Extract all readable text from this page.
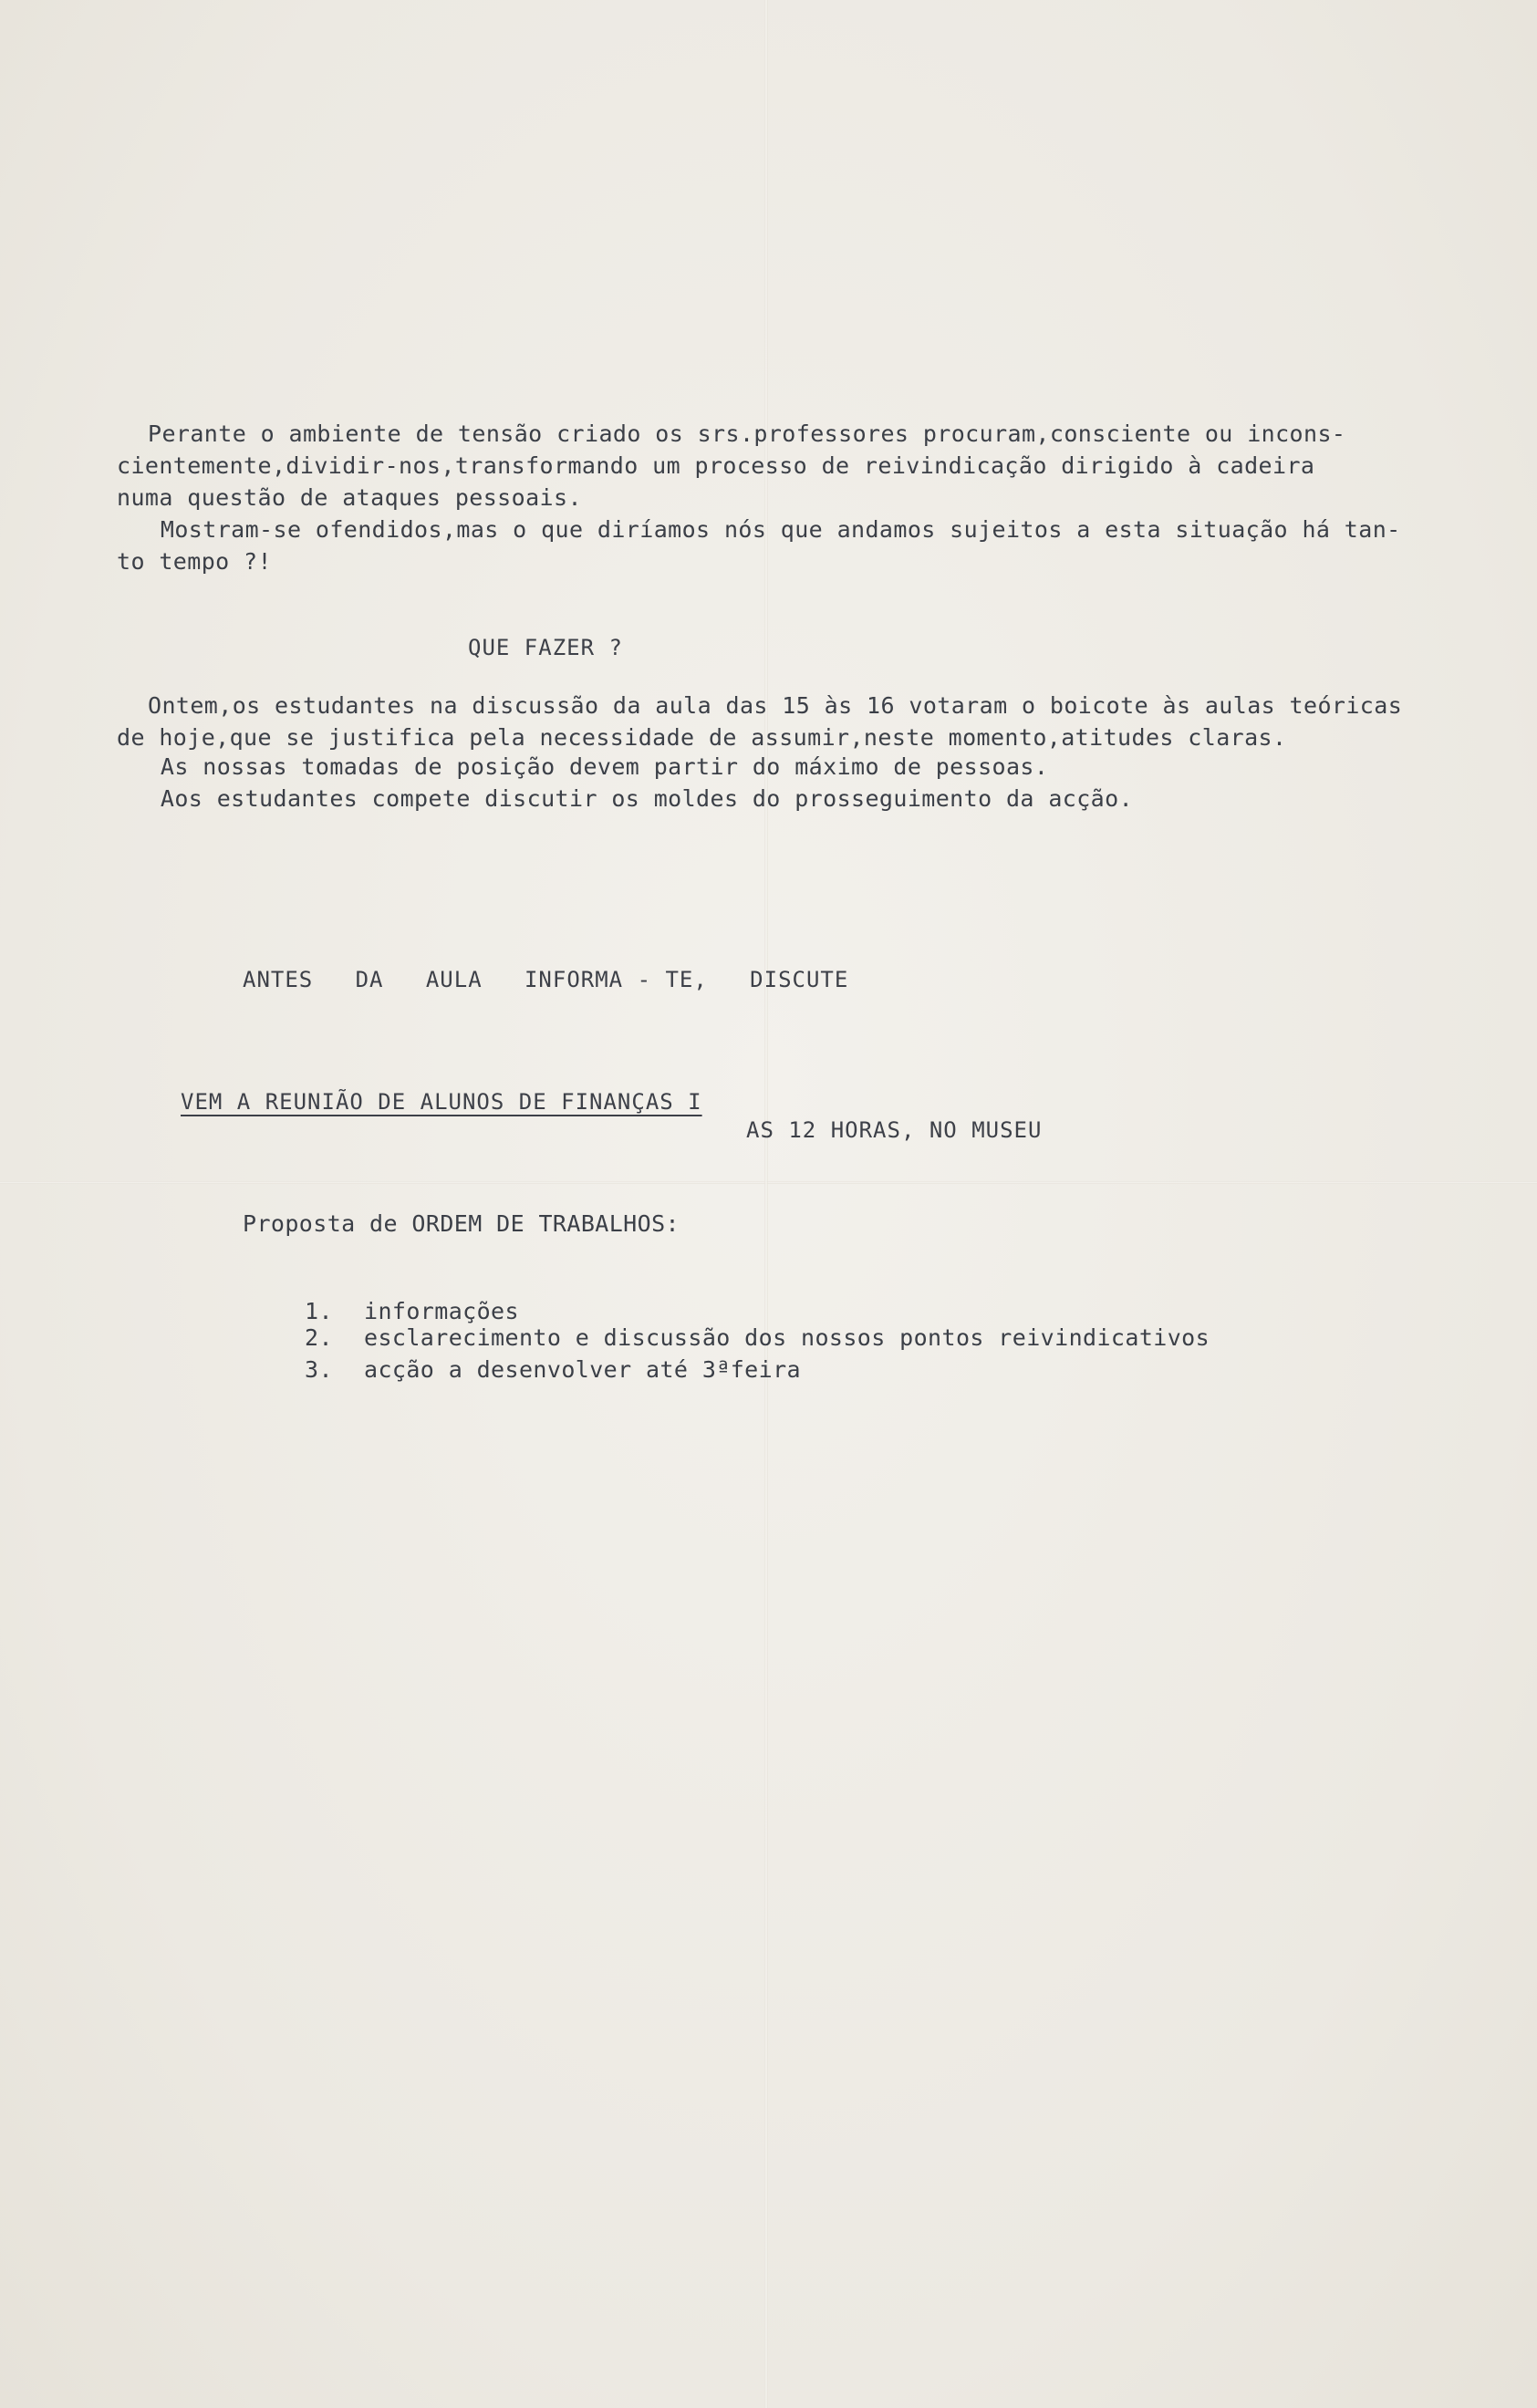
Perante o ambiente de tensão criado os srs.professores procuram,consciente ou incons-
cientemente,dividir-nos,transformando um processo de reivindicação dirigido à cadeira
numa questão de ataques pessoais.
Mostram-se ofendidos,mas o que diríamos nós que andamos sujeitos a esta situação há tan-
to tempo ?!
QUE FAZER ?
Ontem,os estudantes na discussão da aula das 15 às 16 votaram o boicote às aulas teóricas
de hoje,que se justifica pela necessidade de assumir,neste momento,atitudes claras.
As nossas tomadas de posição devem partir do máximo de pessoas.
Aos estudantes compete discutir os moldes do prosseguimento da acção.
ANTES   DA   AULA   INFORMA - TE,   DISCUTE
VEM A REUNIÃO DE ALUNOS DE FINANÇAS I
AS 12 HORAS, NO MUSEU
Proposta de ORDEM DE TRABALHOS:
1. informações
2. esclarecimento e discussão dos nossos pontos reivindicativos
3. acção a desenvolver até 3ªfeira
